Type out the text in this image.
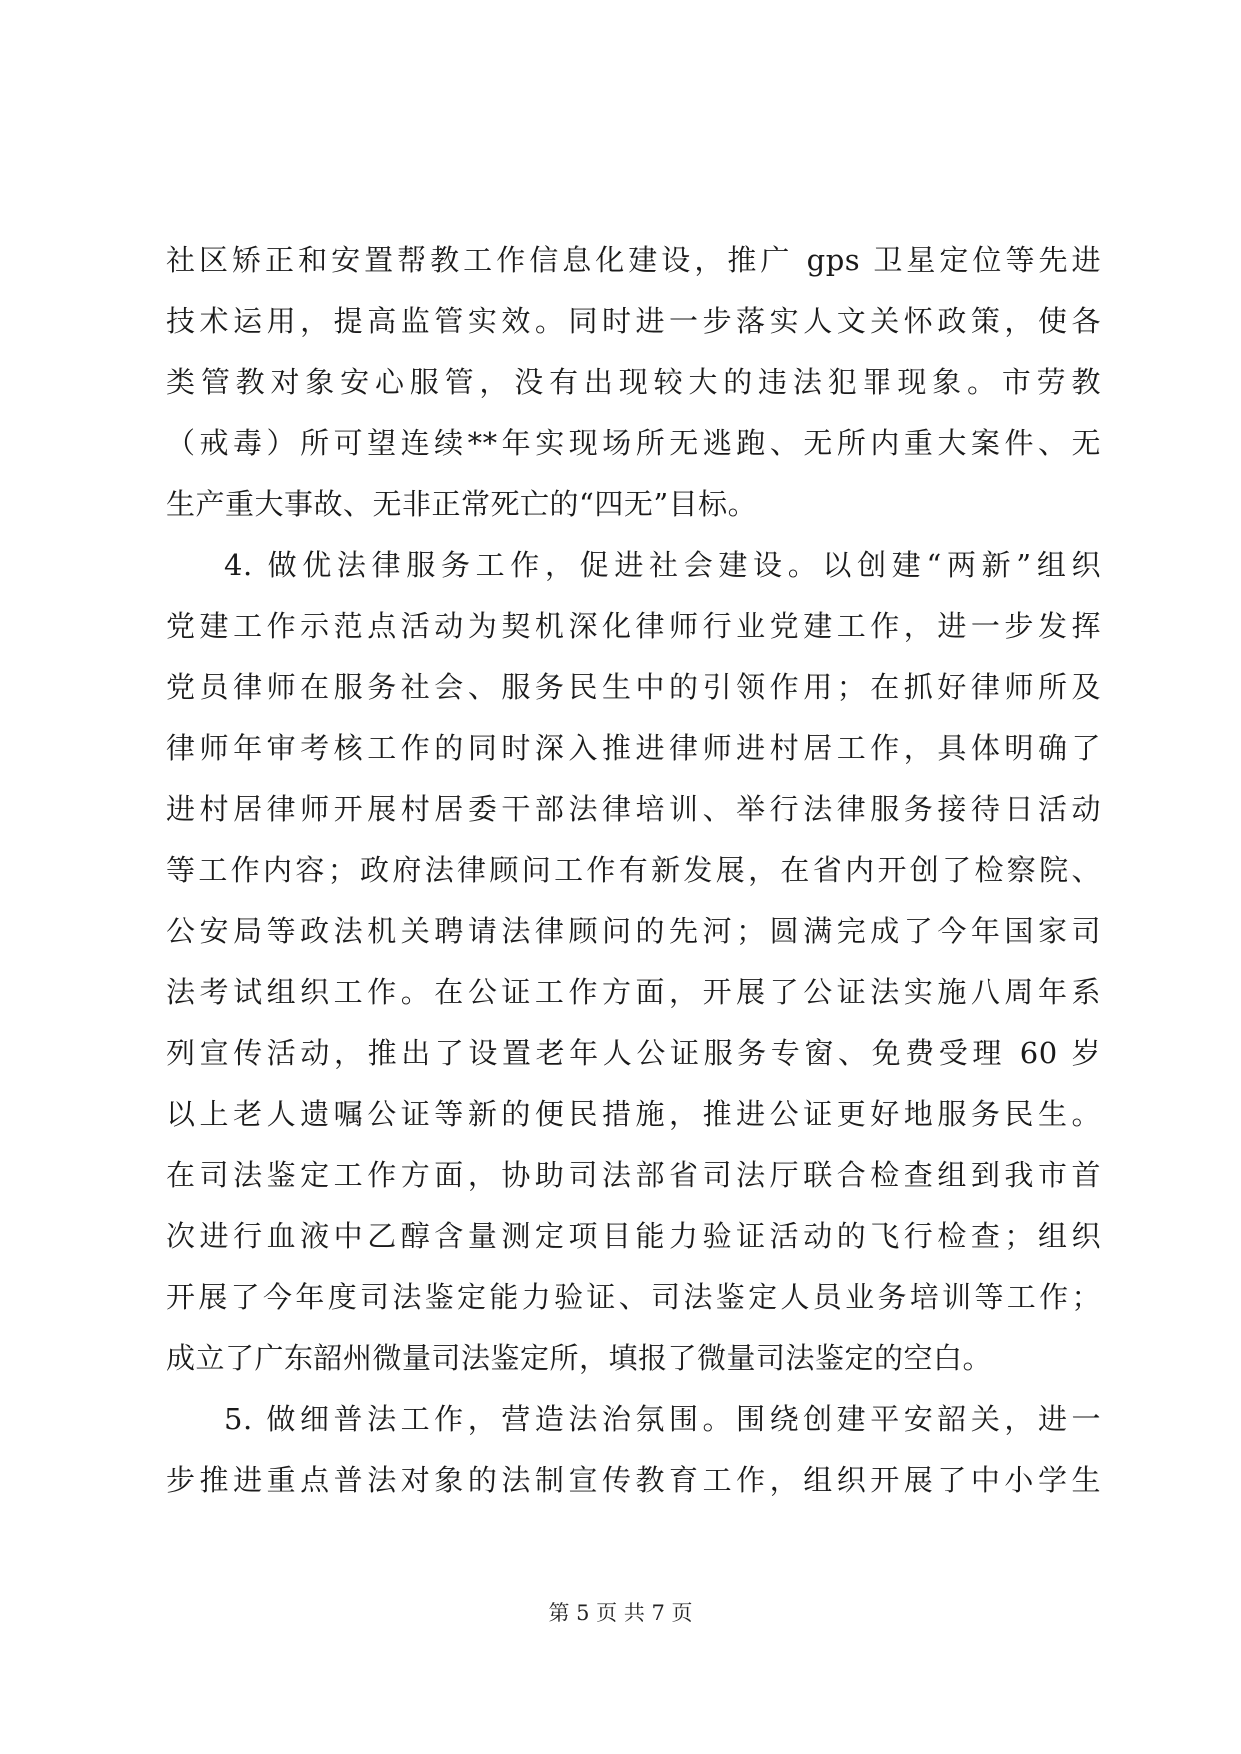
社区矫正和安置帮教工作信息化建设，推广 gps 卫星定位等先进
技术运用，提高监管实效。同时进一步落实人文关怀政策，使各
类管教对象安心服管，没有出现较大的违法犯罪现象。市劳教
（戒毒）所可望连续**年实现场所无逃跑、无所内重大案件、无
生产重大事故、无非正常死亡的“四无”目标。
4. 做优法律服务工作，促进社会建设。以创建“两新”组织
党建工作示范点活动为契机深化律师行业党建工作，进一步发挥
党员律师在服务社会、服务民生中的引领作用；在抓好律师所及
律师年审考核工作的同时深入推进律师进村居工作，具体明确了
进村居律师开展村居委干部法律培训、举行法律服务接待日活动
等工作内容；政府法律顾问工作有新发展，在省内开创了检察院、
公安局等政法机关聘请法律顾问的先河；圆满完成了今年国家司
法考试组织工作。在公证工作方面，开展了公证法实施八周年系
列宣传活动，推出了设置老年人公证服务专窗、免费受理 60 岁
以上老人遗嘱公证等新的便民措施，推进公证更好地服务民生。
在司法鉴定工作方面，协助司法部省司法厅联合检查组到我市首
次进行血液中乙醇含量测定项目能力验证活动的飞行检查；组织
开展了今年度司法鉴定能力验证、司法鉴定人员业务培训等工作；
成立了广东韶州微量司法鉴定所，填报了微量司法鉴定的空白。
5. 做细普法工作，营造法治氛围。围绕创建平安韶关，进一
步推进重点普法对象的法制宣传教育工作，组织开展了中小学生
第 5 页 共 7 页
